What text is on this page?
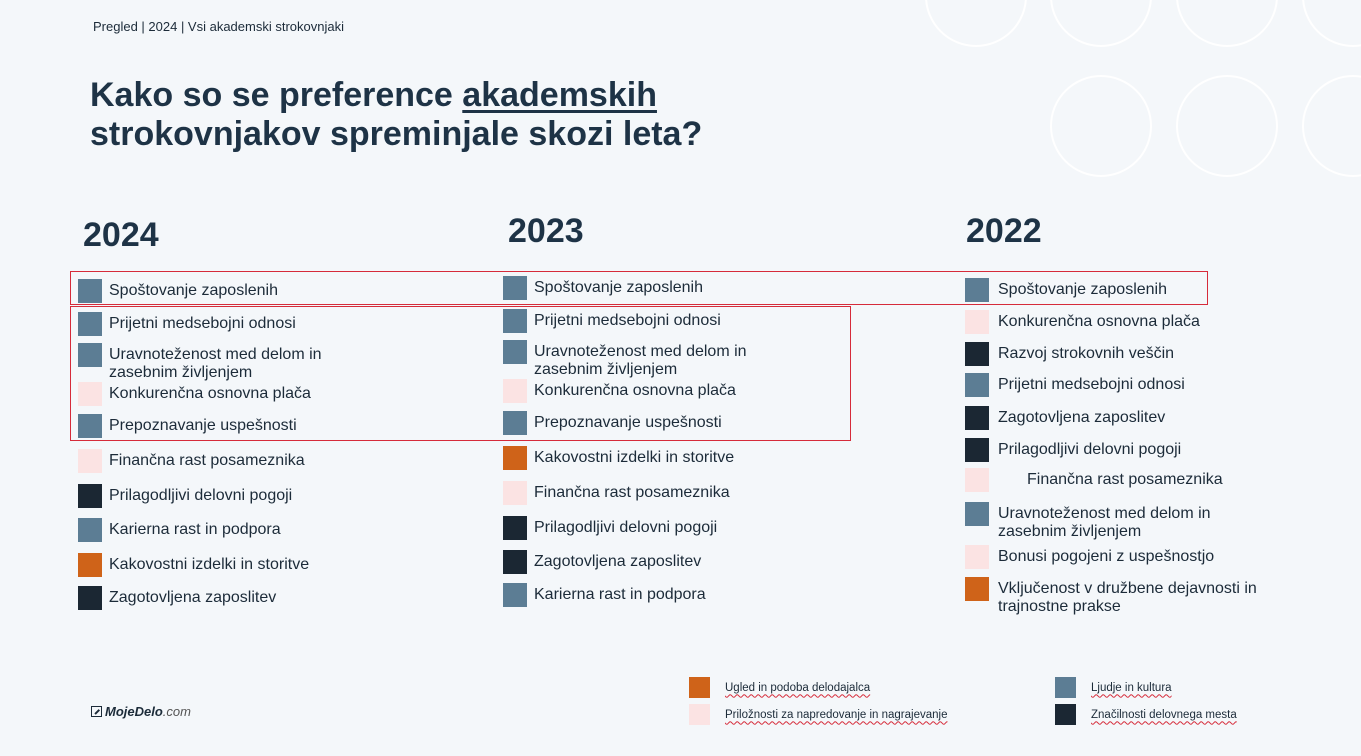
Pregled | 2024 | Vsi akademski strokovnjaki
Kako so se preference akademskih
strokovnjakov spreminjale skozi leta?
2024	2023	2022
Spoštovanje zaposlenih
Prijetni medsebojni odnosi
Uravnoteženost med delom in zasebnim življenjem
Konkurenčna osnovna plača
Prepoznavanje uspešnosti
Finančna rast posameznika
Prilagodljivi delovni pogoji
Karierna rast in podpora
Kakovostni izdelki in storitve
Zagotovljena zaposlitev
Spoštovanje zaposlenih
Prijetni medsebojni odnosi
Uravnoteženost med delom in zasebnim življenjem
Konkurenčna osnovna plača
Prepoznavanje uspešnosti
Kakovostni izdelki in storitve
Finančna rast posameznika
Prilagodljivi delovni pogoji
Zagotovljena zaposlitev
Karierna rast in podpora
Spoštovanje zaposlenih
Konkurenčna osnovna plača
Razvoj strokovnih veščin
Prijetni medsebojni odnosi
Zagotovljena zaposlitev
Prilagodljivi delovni pogoji
Finančna rast posameznika
Uravnoteženost med delom in zasebnim življenjem
Bonusi pogojeni z uspešnostjo
Vključenost v družbene dejavnosti in trajnostne prakse
MojeDelo .com
Ugled in podoba delodajalca
Priložnosti za napredovanje in nagrajevanje
Ljudje in kultura
Značilnosti delovnega mesta
